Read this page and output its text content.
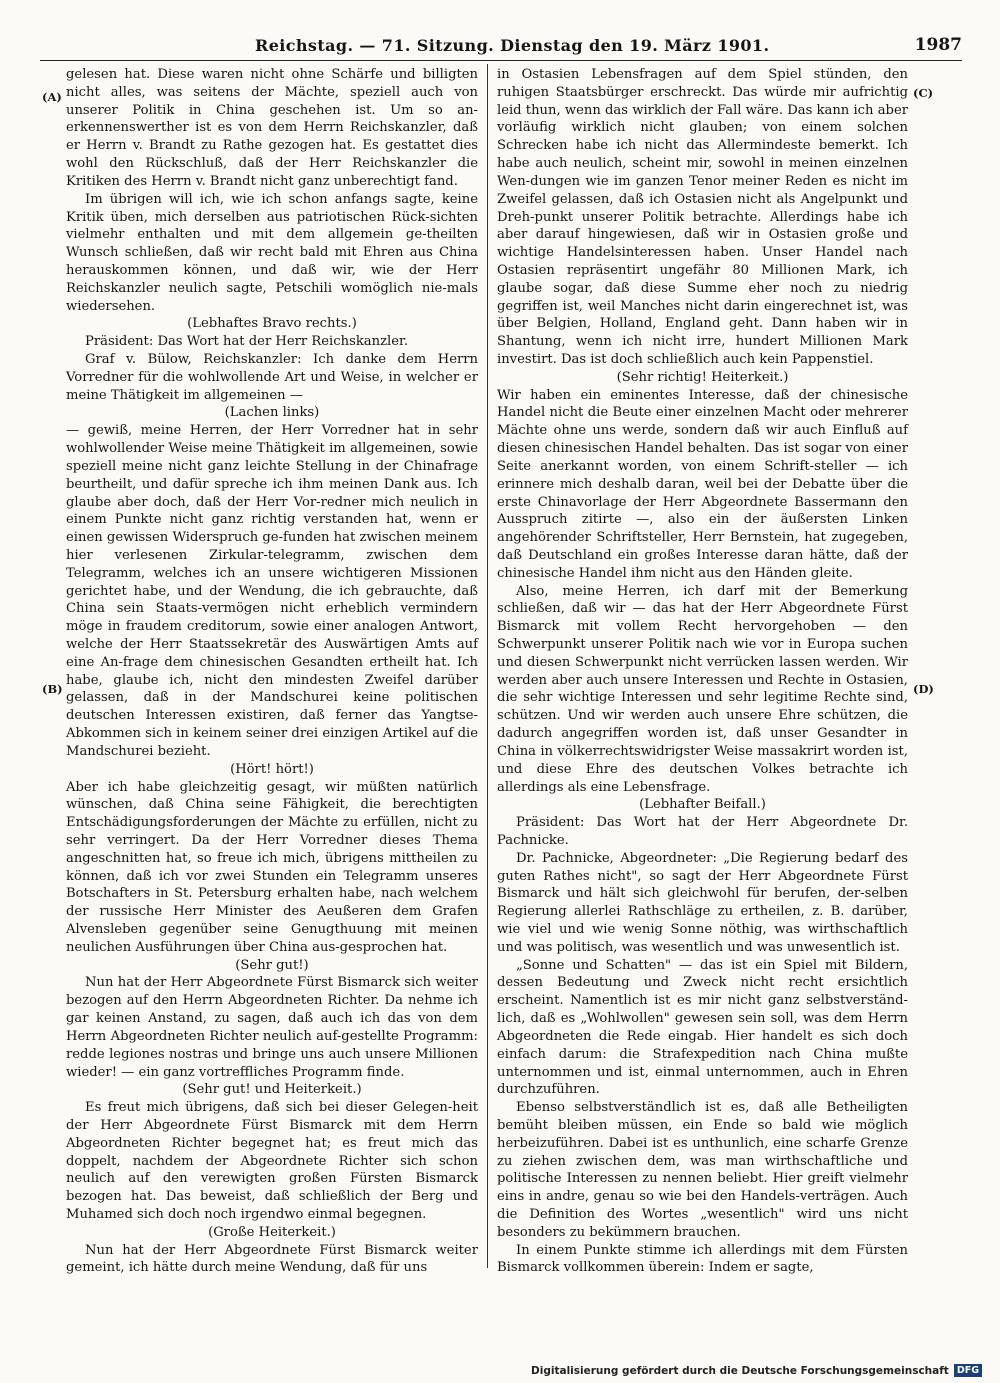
Reichstag. — 71. Sitzung. Dienstag den 19. März 1901.	1987
(A)
(B)
(C)
(D)

gelesen hat. Diese waren nicht ohne Schärfe und billigten nicht alles, was seitens der Mächte, speziell auch von unserer Politik in China geschehen ist. Um so an-erkennenswerther ist es von dem Herrn Reichskanzler, daß er Herrn v. Brandt zu Rathe gezogen hat. Es gestattet dies wohl den Rückschluß, daß der Herr Reichskanzler die Kritiken des Herrn v. Brandt nicht ganz unberechtigt fand.

Im übrigen will ich, wie ich schon anfangs sagte, keine Kritik üben, mich derselben aus patriotischen Rück-sichten vielmehr enthalten und mit dem allgemein ge-theilten Wunsch schließen, daß wir recht bald mit Ehren aus China herauskommen können, und daß wir, wie der Herr Reichskanzler neulich sagte, Petschili womöglich nie-mals wiedersehen.

(Lebhaftes Bravo rechts.)

Präsident: Das Wort hat der Herr Reichskanzler.

Graf v. Bülow, Reichskanzler: Ich danke dem Herrn Vorredner für die wohlwollende Art und Weise, in welcher er meine Thätigkeit im allgemeinen —

(Lachen links)

— gewiß, meine Herren, der Herr Vorredner hat in sehr wohlwollender Weise meine Thätigkeit im allgemeinen, sowie speziell meine nicht ganz leichte Stellung in der Chinafrage beurtheilt, und dafür spreche ich ihm meinen Dank aus. Ich glaube aber doch, daß der Herr Vor-redner mich neulich in einem Punkte nicht ganz richtig verstanden hat, wenn er einen gewissen Widerspruch ge-funden hat zwischen meinem hier verlesenen Zirkular-telegramm, zwischen dem Telegramm, welches ich an unsere wichtigeren Missionen gerichtet habe, und der Wendung, die ich gebrauchte, daß China sein Staats-vermögen nicht erheblich vermindern möge in fraudem creditorum, sowie einer analogen Antwort, welche der Herr Staatssekretär des Auswärtigen Amts auf eine An-frage dem chinesischen Gesandten ertheilt hat. Ich habe, glaube ich, nicht den mindesten Zweifel darüber gelassen, daß in der Mandschurei keine politischen deutschen Interessen existiren, daß ferner das Yangtse-Abkommen sich in keinem seiner drei einzigen Artikel auf die Mandschurei bezieht.

(Hört! hört!)

Aber ich habe gleichzeitig gesagt, wir müßten natürlich wünschen, daß China seine Fähigkeit, die berechtigten Entschädigungsforderungen der Mächte zu erfüllen, nicht zu sehr verringert. Da der Herr Vorredner dieses Thema angeschnitten hat, so freue ich mich, übrigens mittheilen zu können, daß ich vor zwei Stunden ein Telegramm unseres Botschafters in St. Petersburg erhalten habe, nach welchem der russische Herr Minister des Aeußeren dem Grafen Alvensleben gegenüber seine Genugthuung mit meinen neulichen Ausführungen über China aus-gesprochen hat.

(Sehr gut!)

Nun hat der Herr Abgeordnete Fürst Bismarck sich weiter bezogen auf den Herrn Abgeordneten Richter. Da nehme ich gar keinen Anstand, zu sagen, daß auch ich das von dem Herrn Abgeordneten Richter neulich auf-gestellte Programm: redde legiones nostras und bringe uns auch unsere Millionen wieder! — ein ganz vortreffliches Programm finde.

(Sehr gut! und Heiterkeit.)

Es freut mich übrigens, daß sich bei dieser Gelegen-heit der Herr Abgeordnete Fürst Bismarck mit dem Herrn Abgeordneten Richter begegnet hat; es freut mich das doppelt, nachdem der Abgeordnete Richter sich schon neulich auf den verewigten großen Fürsten Bismarck bezogen hat. Das beweist, daß schließlich der Berg und Muhamed sich doch noch irgendwo einmal begegnen.

(Große Heiterkeit.)

Nun hat der Herr Abgeordnete Fürst Bismarck weiter gemeint, ich hätte durch meine Wendung, daß für uns

in Ostasien Lebensfragen auf dem Spiel stünden, den ruhigen Staatsbürger erschreckt. Das würde mir aufrichtig leid thun, wenn das wirklich der Fall wäre. Das kann ich aber vorläufig wirklich nicht glauben; von einem solchen Schrecken habe ich nicht das Allermindeste bemerkt. Ich habe auch neulich, scheint mir, sowohl in meinen einzelnen Wen-dungen wie im ganzen Tenor meiner Reden es nicht im Zweifel gelassen, daß ich Ostasien nicht als Angelpunkt und Dreh-punkt unserer Politik betrachte. Allerdings habe ich aber darauf hingewiesen, daß wir in Ostasien große und wichtige Handelsinteressen haben. Unser Handel nach Ostasien repräsentirt ungefähr 80 Millionen Mark, ich glaube sogar, daß diese Summe eher noch zu niedrig gegriffen ist, weil Manches nicht darin eingerechnet ist, was über Belgien, Holland, England geht. Dann haben wir in Shantung, wenn ich nicht irre, hundert Millionen Mark investirt. Das ist doch schließlich auch kein Pappenstiel.

(Sehr richtig! Heiterkeit.)

Wir haben ein eminentes Interesse, daß der chinesische Handel nicht die Beute einer einzelnen Macht oder mehrerer Mächte ohne uns werde, sondern daß wir auch Einfluß auf diesen chinesischen Handel behalten. Das ist sogar von einer Seite anerkannt worden, von einem Schrift-steller — ich erinnere mich deshalb daran, weil bei der Debatte über die erste Chinavorlage der Herr Abgeordnete Bassermann den Ausspruch zitirte —, also ein der äußersten Linken angehörender Schriftsteller, Herr Bernstein, hat zugegeben, daß Deutschland ein großes Interesse daran hätte, daß der chinesische Handel ihm nicht aus den Händen gleite.

Also, meine Herren, ich darf mit der Bemerkung schließen, daß wir — das hat der Herr Abgeordnete Fürst Bismarck mit vollem Recht hervorgehoben — den Schwerpunkt unserer Politik nach wie vor in Europa suchen und diesen Schwerpunkt nicht verrücken lassen werden. Wir werden aber auch unsere Interessen und Rechte in Ostasien, die sehr wichtige Interessen und sehr legitime Rechte sind, schützen. Und wir werden auch unsere Ehre schützen, die dadurch angegriffen worden ist, daß unser Gesandter in China in völkerrechtswidrigster Weise massakrirt worden ist, und diese Ehre des deutschen Volkes betrachte ich allerdings als eine Lebensfrage.

(Lebhafter Beifall.)

Präsident: Das Wort hat der Herr Abgeordnete Dr. Pachnicke.

Dr. Pachnicke, Abgeordneter: „Die Regierung bedarf des guten Rathes nicht", so sagt der Herr Abgeordnete Fürst Bismarck und hält sich gleichwohl für berufen, der-selben Regierung allerlei Rathschläge zu ertheilen, z. B. darüber, wie viel und wie wenig Sonne nöthig, was wirthschaftlich und was politisch, was wesentlich und was unwesentlich ist.

„Sonne und Schatten" — das ist ein Spiel mit Bildern, dessen Bedeutung und Zweck nicht recht ersichtlich erscheint. Namentlich ist es mir nicht ganz selbstverständ-lich, daß es „Wohlwollen" gewesen sein soll, was dem Herrn Abgeordneten die Rede eingab. Hier handelt es sich doch einfach darum: die Strafexpedition nach China mußte unternommen und ist, einmal unternommen, auch in Ehren durchzuführen.

Ebenso selbstverständlich ist es, daß alle Betheiligten bemüht bleiben müssen, ein Ende so bald wie möglich herbeizuführen. Dabei ist es unthunlich, eine scharfe Grenze zu ziehen zwischen dem, was man wirthschaftliche und politische Interessen zu nennen beliebt. Hier greift vielmehr eins in andre, genau so wie bei den Handels-verträgen. Auch die Definition des Wortes „wesentlich" wird uns nicht besonders zu bekümmern brauchen.

In einem Punkte stimme ich allerdings mit dem Fürsten Bismarck vollkommen überein: Indem er sagte,

Digitalisierung gefördert durch die Deutsche Forschungsgemeinschaft DFG
